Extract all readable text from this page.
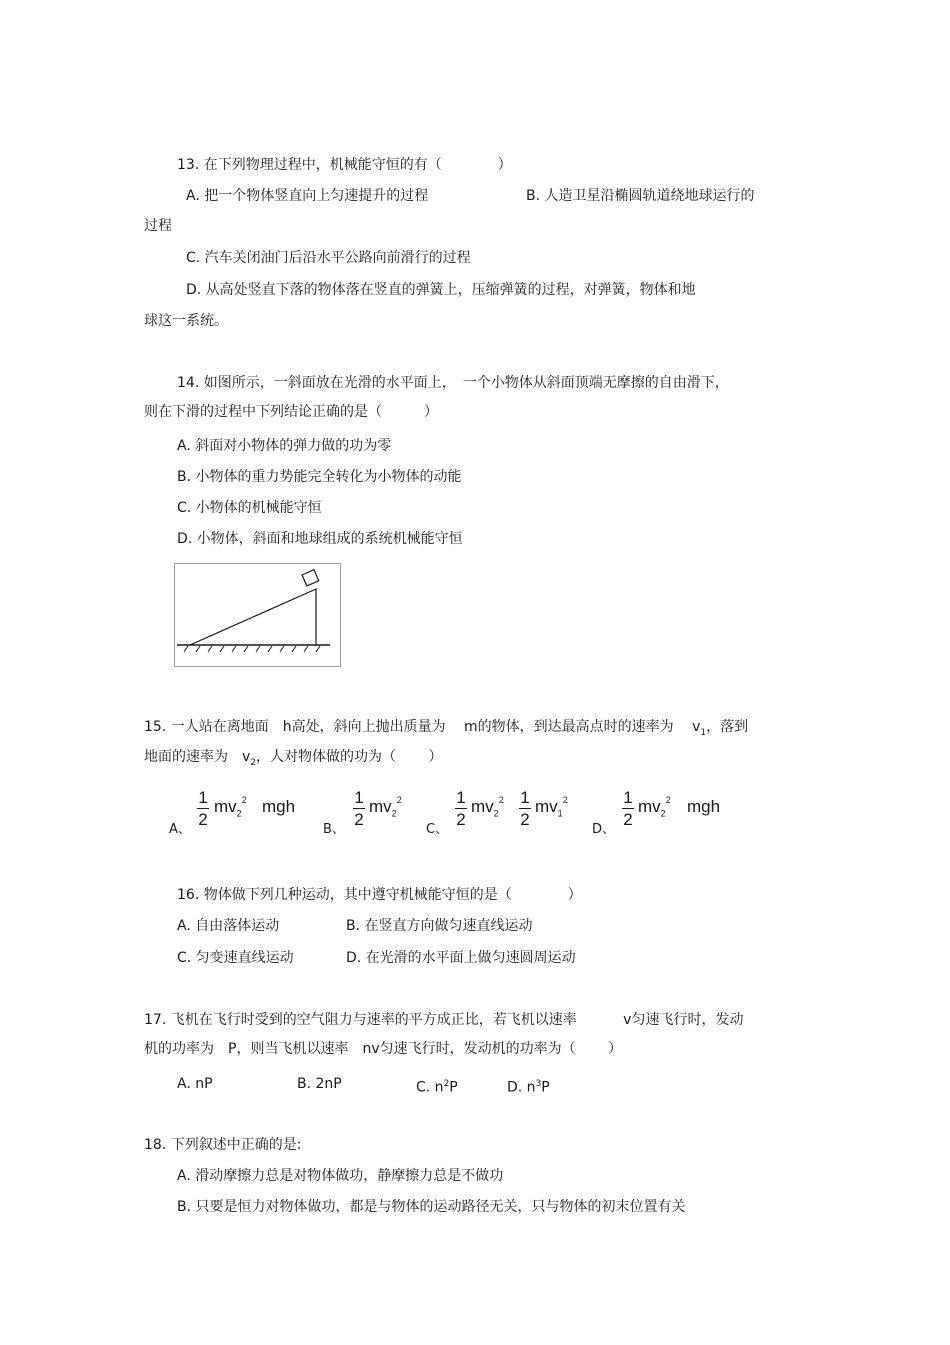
13. 在下列物理过程中，机械能守恒的有（　　　　）
A. 把一个物体竖直向上匀速提升的过程	B. 人造卫星沿椭圆轨道绕地球运行的
过程
C. 汽车关闭油门后沿水平公路向前滑行的过程
D. 从高处竖直下落的物体落在竖直的弹簧上，压缩弹簧的过程，对弹簧，物体和地
球这一系统。
14. 如图所示，一斜面放在光滑的水平面上，　一个小物体从斜面顶端无摩擦的自由滑下，
则在下滑的过程中下列结论正确的是（　　　）
A. 斜面对小物体的弹力做的功为零
B. 小物体的重力势能完全转化为小物体的动能
C. 小物体的机械能守恒
D. 小物体，斜面和地球组成的系统机械能守恒
15. 一人站在离地面　h高处，斜向上抛出质量为　 m的物体，到达最高点时的速率为　 $v_1$，落到
地面的速率为　$v_2$，人对物体做的功为（　　 ）
A、
1
2
$mv_2^2$ mgh
B、
1
2
$mv_2^2$
C、
1
2
$mv_2^2$ 1
2
$mv_1^2$
D、
1
2
$mv_2^2$ mgh
16. 物体做下列几种运动，其中遵守机械能守恒的是（　　　　）
A. 自由落体运动	B. 在竖直方向做匀速直线运动
C. 匀变速直线运动	D. 在光滑的水平面上做匀速圆周运动
17. 飞机在飞行时受到的空气阻力与速率的平方成正比，若飞机以速率　　　 v匀速飞行时，发动
机的功率为　P，则当飞机以速率　nv匀速飞行时，发动机的功率为（　　 ）
A. nP	B. 2nP	C. $n^2P$	D. $n^3P$
18. 下列叙述中正确的是:
A. 滑动摩擦力总是对物体做功，静摩擦力总是不做功
B. 只要是恒力对物体做功，都是与物体的运动路径无关，只与物体的初末位置有关
